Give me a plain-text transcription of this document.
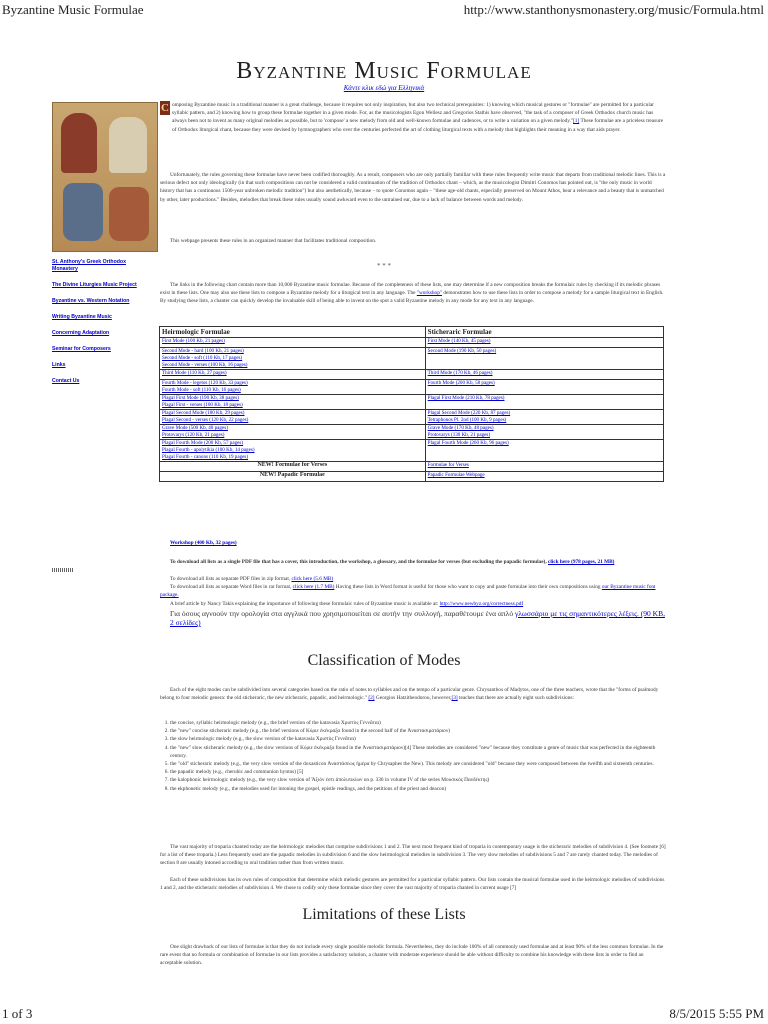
Byzantine Music Formulae	http://www.stanthonysmonastery.org/music/Formula.html
Byzantine Music Formulae
Κάντε κλικ εδώ για Ελληνικά
C omposing Byzantine music in a traditional manner is a great challenge, because it requires not only inspiration, but also two technical prerequisites: 1) knowing which musical gestures or "formulae" are permitted for a particular syllabic pattern, and 2) knowing how to group these formulae together in a given mode. For, as the musicologists Egon Wellesz and Gregorios Stathis have observed, "the task of a composer of Greek Orthodox church music has always been not to invent as many original melodies as possible, but to 'compose' a new melody from old and well-known formulae and cadences, or to write a variation on a given melody."[1] These formulae are a priceless treasure of Orthodox liturgical chant, because they were devised by hymnographers who over the centuries perfected the art of clothing liturgical texts with a melody that highlights their meaning in a way that aids prayer.
Unfortunately, the rules governing these formulae have never been codified thoroughly. As a result, composers who are only partially familiar with these rules frequently write music that departs from traditional melodic lines. This is a serious defect not only ideologically (in that such compositions can not be considered a valid continuation of the tradition of Orthodox chant – which, as the musicologist Dimitri Conomos has pointed out, is "the only music in world history that has a continuous 1500-year unbroken melodic tradition") but also aesthetically, because – to quote Conomos again – "these age-old chants, especially preserved on Mount Athos, bear a relevance and a beauty that is unmatched by other, later productions." Besides, melodies that break these rules usually sound awkward even to the untrained ear, due to a lack of balance between words and melody.
This webpage presents these rules in an organized manner that facilitates traditional composition.
* * *
St. Anthony's Greek Orthodox Monastery
The Divine Liturgies Music Project
Byzantine vs. Western Notation
Writing Byzantine Music
Concerning Adaptation
Seminar for Composers
Links
Contact Us
The links in the following chart contain more than 10,000 Byzantine music formulae. Because of the completeness of these lists, one may determine if a new composition breaks the formulaic rules by checking if its melodic phrases exist in these lists. One may also use these lists to compose a Byzantine melody for a liturgical text in any language. The "workshop" demonstrates how to use these lists in order to compose a melody for a sample liturgical text in English. By studying these lists, a chanter can quickly develop the invaluable skill of being able to invent on the spot a valid Byzantine melody in any mode for any text in any language.
Heirmologic Formulae	Sticheraric Formulae

First Mode (100 Kb, 21 pages)	First Mode (140 Kb, 45 pages)

Second Mode - hard (100 Kb, 21 pages)
Second Mode - soft (110 Kb, 17 pages)
Second Mode - verses (100 Kb, 16 pages)	Second Mode (190 Kb, 50 pages)

Third Mode (110 Kb, 27 pages)	Third Mode (170 Kb, 46 pages)

Fourth Mode - legetos (120 Kb, 33 pages)
Fourth Mode - soft (110 Kb, 16 pages)	Fourth Mode (200 Kb, 58 pages)

Plagal First Mode (190 Kb, 38 pages)
Plagal First - verses (100 Kb, 18 pages)	Plagal First Mode (210 Kb, 78 pages)

Plagal Second Mode (180 Kb, 29 pages)
Plagal Second - verses (120 Kb, 22 pages)	Plagal Second Mode (220 Kb, 87 pages)
Tetraphonos Pl. 2nd (100 Kb, 9 pages)

Grave Mode (500 Kb, 40 pages)
Protovarys (120 Kb, 21 pages)	Grave Mode (170 Kb, 48 pages)
Protovarys (130 Kb, 21 pages)

Plagal Fourth Mode (200 Kb, 57 pages)
Plagal Fourth - apolytikia (100 Kb, 14 pages)
Plagal Fourth - canons (110 Kb, 19 pages)	Plagal Fourth Mode (260 Kb, 96 pages)

NEW! Formulae for Verses	Formulae for Verses

NEW! Papadic Formulae	Papadic Formulae Webpage
Workshop (400 Kb, 32 pages)
To download all lists as a single PDF file that has a cover, this introduction, the workshop, a glossary, and the formulae for verses (but excluding the papadic formulae), click here (978 pages, 21 MB)
To download all lists as separate PDF files in zip format, click here (5.6 MB)
To download all lists as separate Word files in rar format, click here (1.7 MB) Having these lists in Word format is useful for those who want to copy and paste formulae into their own compositions using our Byzantine music font package.
A brief article by Nancy Takis explaining the importance of following these formulaic rules of Byzantine music is available at: http://www.newbyz.org/correctness.pdf
Για όσους αγνοούν την ορολογία στα αγγλικά που χρησιμοποιείται σε αυτήν την συλλογή, παραθέτουμε ένα απλό γλωσσάριο με τις σημαντικότερες λέξεις. (90 KB, 2 σελίδες)
Classification of Modes
Each of the eight modes can be subdivided into several categories based on the ratio of notes to syllables and on the tempo of a particular genre. Chrysanthos of Madytos, one of the three teachers, wrote that the "forms of psalmody belong to four melodic genera: the old sticheraric, the new sticheraric, papadic, and heirmologic." [2] Georgios Hatzitheodorou, however,[3] teaches that there are actually eight such subdivisions:
1. the concise, syllabic heirmologic melody (e.g., the brief version of the katavasia Χριστὸς Γεννᾶται)
2. the "new" concise sticheraric melody (e.g., the brief versions of Κύριε ἐκέκραξα found in the second half of the Ἀναστασιματάριον)
3. the slow heirmologic melody (e.g., the slow version of the katavasia Χριστὸς Γεννᾶται)
4. the "new" slow sticheraric melody (e.g., the slow versions of Κύριε ἐκέκραξα found in the Ἀναστασιματάριον)[4] These melodies are considered "new" because they constitute a genre of music that was perfected in the eighteenth century.
5. the "old" sticheraric melody (e.g., the very slow version of the doxasticon Ἀναστάσεως ἡμέρα by Chrysaphes the New). This melody are considered "old" because they were composed between the twelfth and sixteenth centuries.
6. the papadic melody (e.g., cherubic and communion hymns) [5]
7. the kalophonic heirmologic melody (e.g., the very slow version of Ἄξιόν ἐστι ἀπολυτικίων on p. 336 in volume IV of the series Μουσικός Πανδέκτης)
8. the ekphonetic melody (e.g., the melodies used for intoning the gospel, epistle readings, and the petitions of the priest and deacon)
The vast majority of troparia chanted today are the heirmologic melodies that comprise subdivisions 1 and 2. The next most frequent kind of troparia in contemporary usage is the sticheraric melodies of subdivision 4. (See footnote [6] for a list of these troparia.) Less frequently used are the papadic melodies in subdivision 6 and the slow heirmological melodies in subdivision 3. The very slow melodies of subdivisions 5 and 7 are rarely chanted today. The melodies of section 8 are usually intoned according to oral tradition rather than from written music.
Each of these subdivisions has its own rules of composition that determine which melodic gestures are permitted for a particular syllabic pattern. Our lists contain the musical formulae used in the heirmologic melodies of subdivisions 1 and 2, and the sticheraric melodies of subdivision 4. We chose to codify only these formulae since they cover the vast majority of troparia chanted in current usage [7]
Limitations of these Lists
One slight drawback of our lists of formulae is that they do not include every single possible melodic formula. Nevertheless, they do include 100% of all commonly used formulae and at least 90% of the less common formulae. In the rare event that no formula or combination of formulae in our lists provides a satisfactory solution, a chanter with moderate experience should be able without difficulty to combine his knowledge with these lists in order to find an acceptable solution.
1 of 3	8/5/2015 5:55 PM
